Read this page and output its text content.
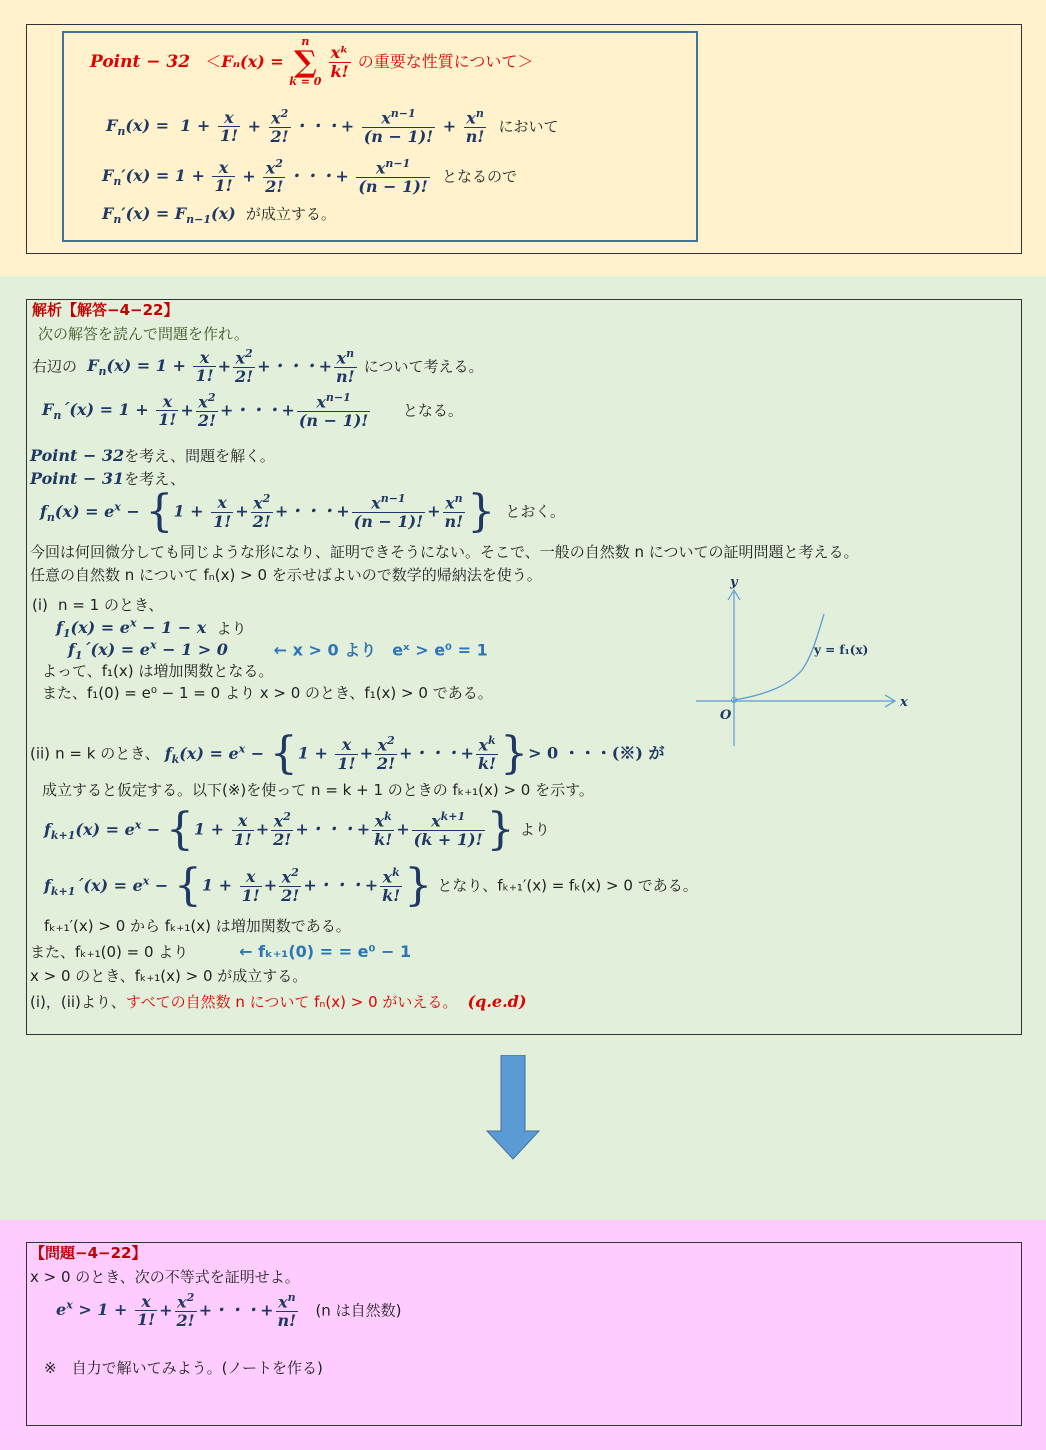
Point − 32 ＜Fₙ(x) =
n
∑
k = 0

$\frac{\text{xᵏ}}{k!}$ の重要な性質について＞
$F_n(x) = 1 + \frac{x}{1!} + \frac{x^2}{2!}$ ・・・+ $\frac{x^{n-1}}{(n - 1)!} + \frac{x^n}{n!}$ において
$F_n'(x) = 1 + \frac{x}{1!} + \frac{x^2}{2!}$ ・・・+ $\frac{x^{n-1}}{(n - 1)!}$ となるので
$F_n'(x) = F_{n-1}(x)$ が成立する。
解析【解答−4−22】
次の解答を読んで問題を作れ。
右辺の $F_n(x) = 1 + \frac{x}{1!} + \frac{x^2}{2!}$ +・・・+ $\frac{x^n}{n!}$ について考える。
$F_n´(x) = 1 + \frac{x}{1!} + \frac{x^2}{2!}$ +・・・+ $\frac{x^{n-1}}{(n - 1)!}$ となる。
Point − 32を考え、問題を解く。
Point − 31を考え、
$f_n(x) = e^x - \{1 + \frac{x}{1!} + \frac{x^2}{2!}$ +・・・+ $\frac{x^{n-1}}{(n - 1)!} + \frac{x^n}{n!}$ } とおく。
今回は何回微分しても同じような形になり、証明できそうにない。そこで、一般の自然数 n についての証明問題と考える。
任意の自然数 n について fₙ(x) > 0 を示せばよいので数学的帰納法を使う。
(i) n = 1 のとき、
$f_1(x) = e^x - 1 - x$ より
$f_1´(x) = e^x - 1 > 0$	← x > 0 より　eˣ > e⁰ = 1
よって、f₁(x) は増加関数となる。
また、f₁(0) = e⁰ − 1 = 0 より x > 0 のとき、f₁(x) > 0 である。
y
x
O
y = f₁(x)
(ii) n = k のとき、 $f_k(x) = e^x - \{1 + \frac{x}{1!} + \frac{x^2}{2!}$ +・・・+ $\frac{x^k}{k!}$ }> 0 ・・・(※) が
成立すると仮定する。以下(※)を使って n = k + 1 のときの fₖ₊₁(x) > 0 を示す。
$f_{k+1}(x) = e^x - \{1 + \frac{x}{1!} + \frac{x^2}{2!}$ +・・・+ $\frac{x^k}{k!} + \frac{x^{k+1}}{(k + 1)!}$ } より
$f_{k+1}´(x) = e^x - \{1 + \frac{x}{1!} + \frac{x^2}{2!}$ +・・・+ $\frac{x^k}{k!}$ } となり、fₖ₊₁′(x) = fₖ(x) > 0 である。
fₖ₊₁′(x) > 0 から fₖ₊₁(x) は増加関数である。
また、fₖ₊₁(0) = 0 より	← fₖ₊₁(0) = = e⁰ − 1
x > 0 のとき、fₖ₊₁(x) > 0 が成立する。
(i)，(ii)より、すべての自然数 n について fₙ(x) > 0 がいえる。 (q.e.d)
【問題−4−22】
x > 0 のとき、次の不等式を証明せよ。
$e^x > 1 + \frac{x}{1!} + \frac{x^2}{2!}$ +・・・+ $\frac{x^n}{n!} (n$ は自然数)
※　自力で解いてみよう。(ノートを作る)
